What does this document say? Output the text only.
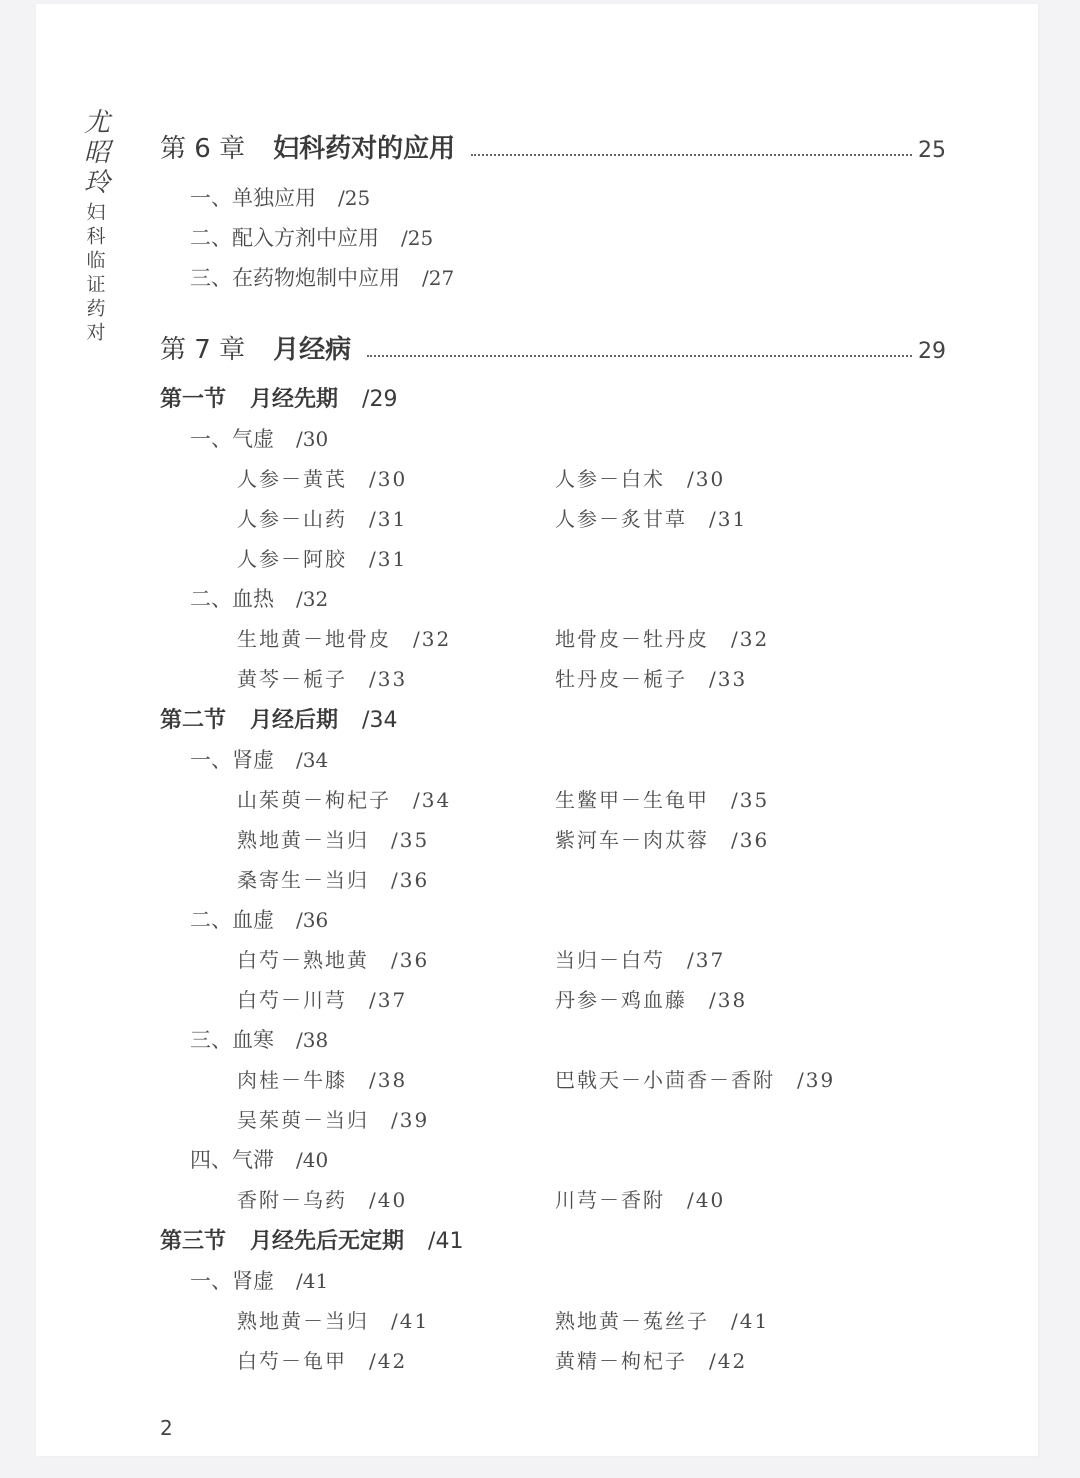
尤昭玲
妇科临证药对
第 6 章 妇科药对的应用	25
一、单独应用 /25
二、配入方剂中应用 /25
三、在药物炮制中应用 /27
第 7 章 月经病	29
第一节 月经先期 /29
一、气虚 /30
人参－黄芪 /30	人参－白术 /30
人参－山药 /31	人参－炙甘草 /31
人参－阿胶 /31
二、血热 /32
生地黄－地骨皮 /32	地骨皮－牡丹皮 /32
黄芩－栀子 /33	牡丹皮－栀子 /33
第二节 月经后期 /34
一、肾虚 /34
山茱萸－枸杞子 /34	生鳖甲－生龟甲 /35
熟地黄－当归 /35	紫河车－肉苁蓉 /36
桑寄生－当归 /36
二、血虚 /36
白芍－熟地黄 /36	当归－白芍 /37
白芍－川芎 /37	丹参－鸡血藤 /38
三、血寒 /38
肉桂－牛膝 /38	巴戟天－小茴香－香附 /39
吴茱萸－当归 /39
四、气滞 /40
香附－乌药 /40	川芎－香附 /40
第三节 月经先后无定期 /41
一、肾虚 /41
熟地黄－当归 /41	熟地黄－菟丝子 /41
白芍－龟甲 /42	黄精－枸杞子 /42
2
